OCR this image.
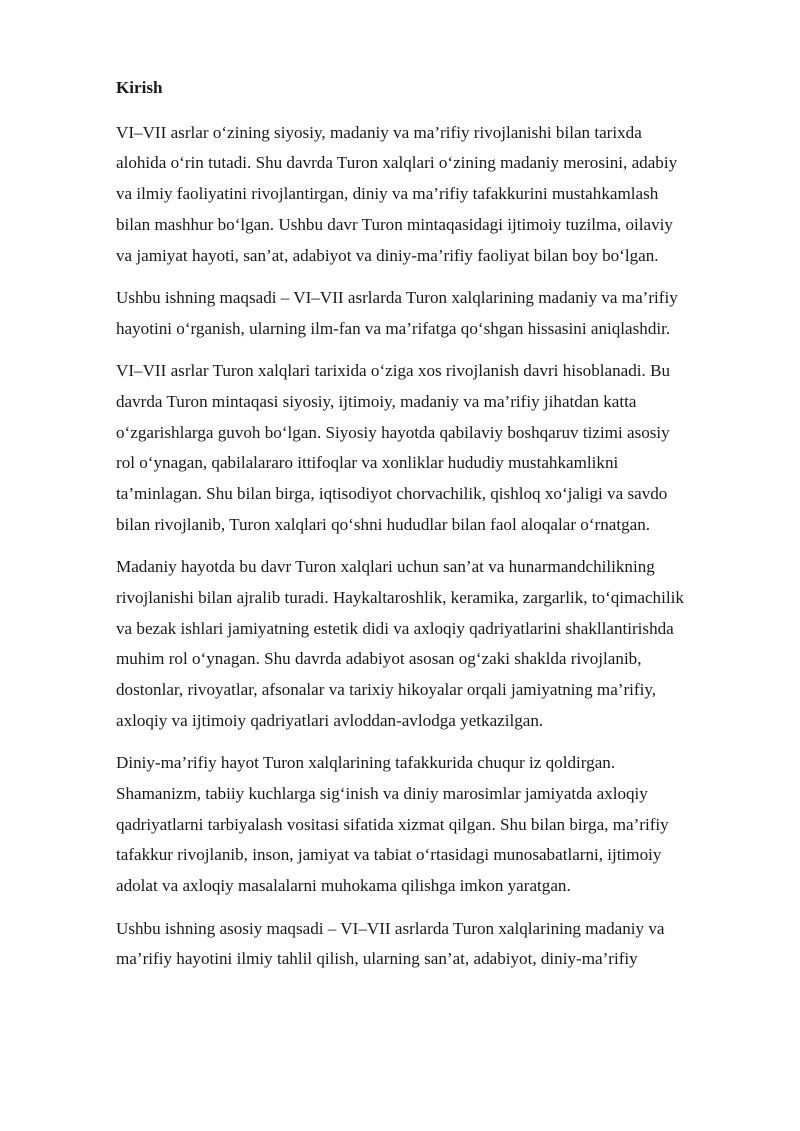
Kirish
VI–VII asrlar o‘zining siyosiy, madaniy va ma’rifiy rivojlanishi bilan tarixda
alohida o‘rin tutadi. Shu davrda Turon xalqlari o‘zining madaniy merosini, adabiy
va ilmiy faoliyatini rivojlantirgan, diniy va ma’rifiy tafakkurini mustahkamlash
bilan mashhur bo‘lgan. Ushbu davr Turon mintaqasidagi ijtimoiy tuzilma, oilaviy
va jamiyat hayoti, san’at, adabiyot va diniy-ma’rifiy faoliyat bilan boy bo‘lgan.
Ushbu ishning maqsadi – VI–VII asrlarda Turon xalqlarining madaniy va ma’rifiy
hayotini o‘rganish, ularning ilm-fan va ma’rifatga qo‘shgan hissasini aniqlashdir.
VI–VII asrlar Turon xalqlari tarixida o‘ziga xos rivojlanish davri hisoblanadi. Bu
davrda Turon mintaqasi siyosiy, ijtimoiy, madaniy va ma’rifiy jihatdan katta
o‘zgarishlarga guvoh bo‘lgan. Siyosiy hayotda qabilaviy boshqaruv tizimi asosiy
rol o‘ynagan, qabilalararo ittifoqlar va xonliklar hududiy mustahkamlikni
ta’minlagan. Shu bilan birga, iqtisodiyot chorvachilik, qishloq xo‘jaligi va savdo
bilan rivojlanib, Turon xalqlari qo‘shni hududlar bilan faol aloqalar o‘rnatgan.
Madaniy hayotda bu davr Turon xalqlari uchun san’at va hunarmandchilikning
rivojlanishi bilan ajralib turadi. Haykaltaroshlik, keramika, zargarlik, to‘qimachilik
va bezak ishlari jamiyatning estetik didi va axloqiy qadriyatlarini shakllantirishda
muhim rol o‘ynagan. Shu davrda adabiyot asosan og‘zaki shaklda rivojlanib,
dostonlar, rivoyatlar, afsonalar va tarixiy hikoyalar orqali jamiyatning ma’rifiy,
axloqiy va ijtimoiy qadriyatlari avloddan-avlodga yetkazilgan.
Diniy-ma’rifiy hayot Turon xalqlarining tafakkurida chuqur iz qoldirgan.
Shamanizm, tabiiy kuchlarga sig‘inish va diniy marosimlar jamiyatda axloqiy
qadriyatlarni tarbiyalash vositasi sifatida xizmat qilgan. Shu bilan birga, ma’rifiy
tafakkur rivojlanib, inson, jamiyat va tabiat o‘rtasidagi munosabatlarni, ijtimoiy
adolat va axloqiy masalalarni muhokama qilishga imkon yaratgan.
Ushbu ishning asosiy maqsadi – VI–VII asrlarda Turon xalqlarining madaniy va
ma’rifiy hayotini ilmiy tahlil qilish, ularning san’at, adabiyot, diniy-ma’rifiy
